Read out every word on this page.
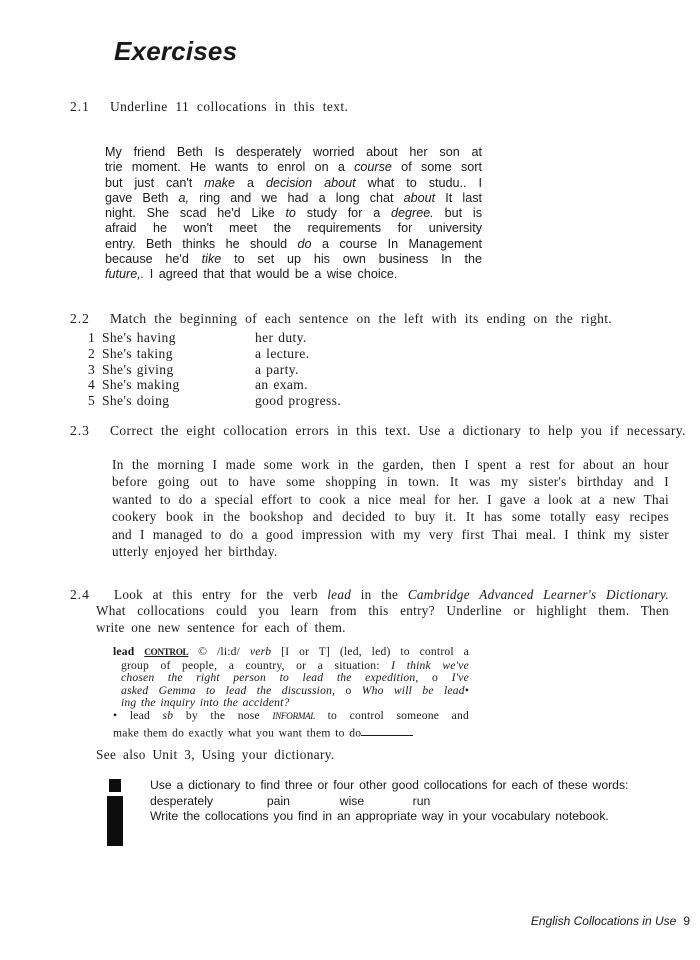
Exercises
2.1 Underline 11 collocations in this text.
My friend Beth Is desperately worried about her son at
trie moment. He wants to enrol on a course of some sort
but just can't make a decision about what to studu.. I
gave Beth a, ring and we had a long chat about It last
night. She scad he'd Like to study for a degree. but is
afraid he won't meet the requirements for university
entry. Beth thinks he should do a course In Management
because he'd tike to set up his own business In the
future,. I agreed that that would be a wise choice.
2.2 Match the beginning of each sentence on the left with its ending on the right.
1 She's having	her duty.
2 She's taking	a lecture.
3 She's giving	a party.
4 She's making	an exam.
5 She's doing	good progress.
2.3 Correct the eight collocation errors in this text. Use a dictionary to help you if necessary.
In the morning I made some work in the garden, then I spent a rest for about an hour
before going out to have some shopping in town. It was my sister's birthday and I
wanted to do a special effort to cook a nice meal for her. I gave a look at a new Thai
cookery book in the bookshop and decided to buy it. It has some totally easy recipes
and I managed to do a good impression with my very first Thai meal. I think my sister
utterly enjoyed her birthday.
2.4	Look at this entry for the verb lead in the Cambridge Advanced Learner's Dictionary.
What collocations could you learn from this entry? Underline or highlight them. Then
write one new sentence for each of them.
lead CONTROL © /li:d/ verb [I or T] (led, led) to control a
group of people, a country, or a situation: I think we've
chosen the right person to lead the expedition, o I've
asked Gemma to lead the discussion, o Who will be lead•
ing the inquiry into the accident?
• lead sb by the nose INFORMAL to control someone and
make them do exactly what you want them to do
See also Unit 3, Using your dictionary.
Use a dictionary to find three or four other good collocations for each of these words:
desperately	pain	wise	run
Write the collocations you find in an appropriate way in your vocabulary notebook.
English Collocations in Use 9
